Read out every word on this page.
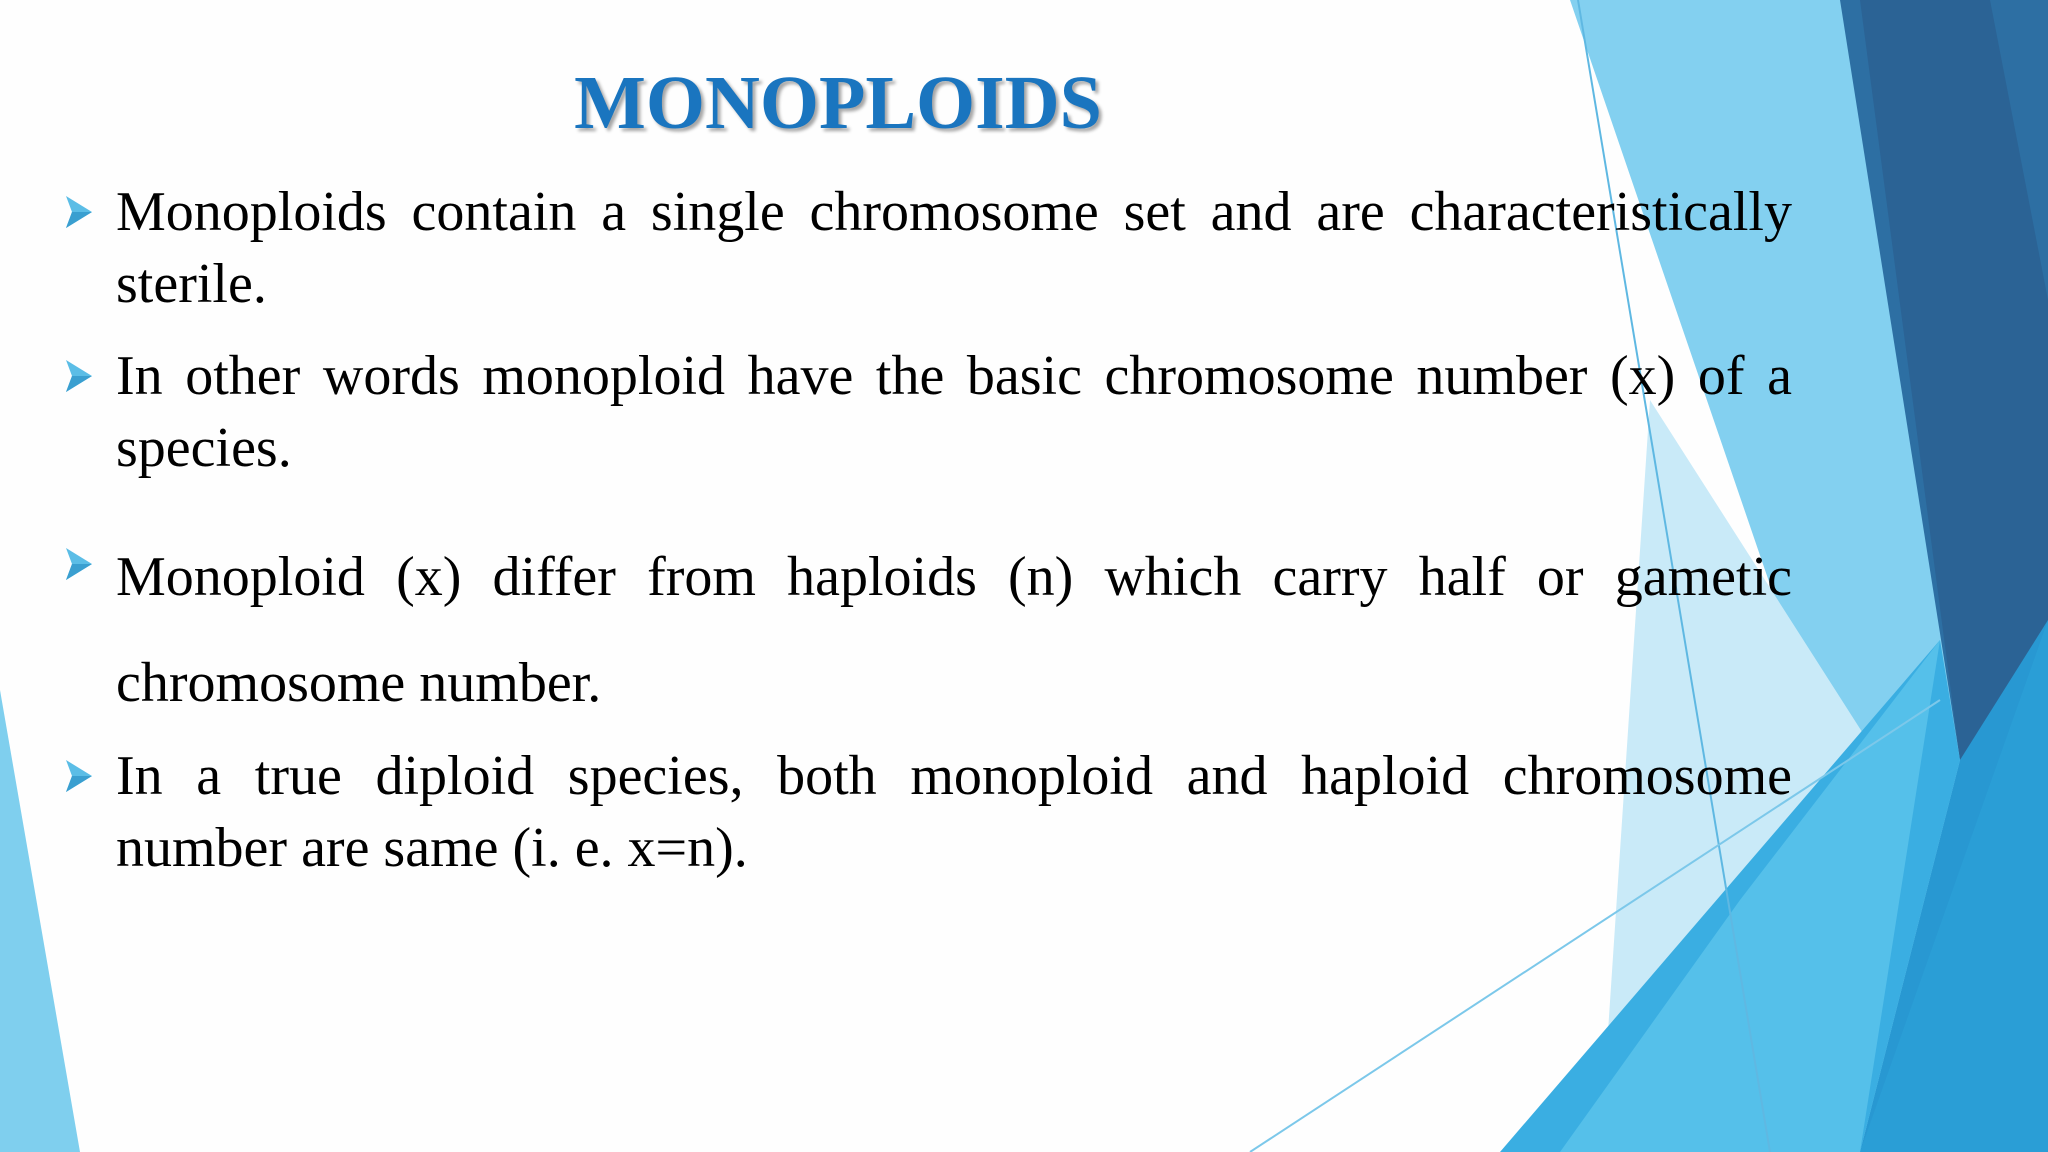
MONOPLOIDS

Monoploids contain a single chromosome set and are characteristically sterile.

In other words monoploid have the basic chromosome number (x) of a species.

Monoploid (x) differ from haploids (n) which carry half or gametic chromosome number.

In a true diploid species, both monoploid and haploid chromosome number are same (i. e. x=n).
